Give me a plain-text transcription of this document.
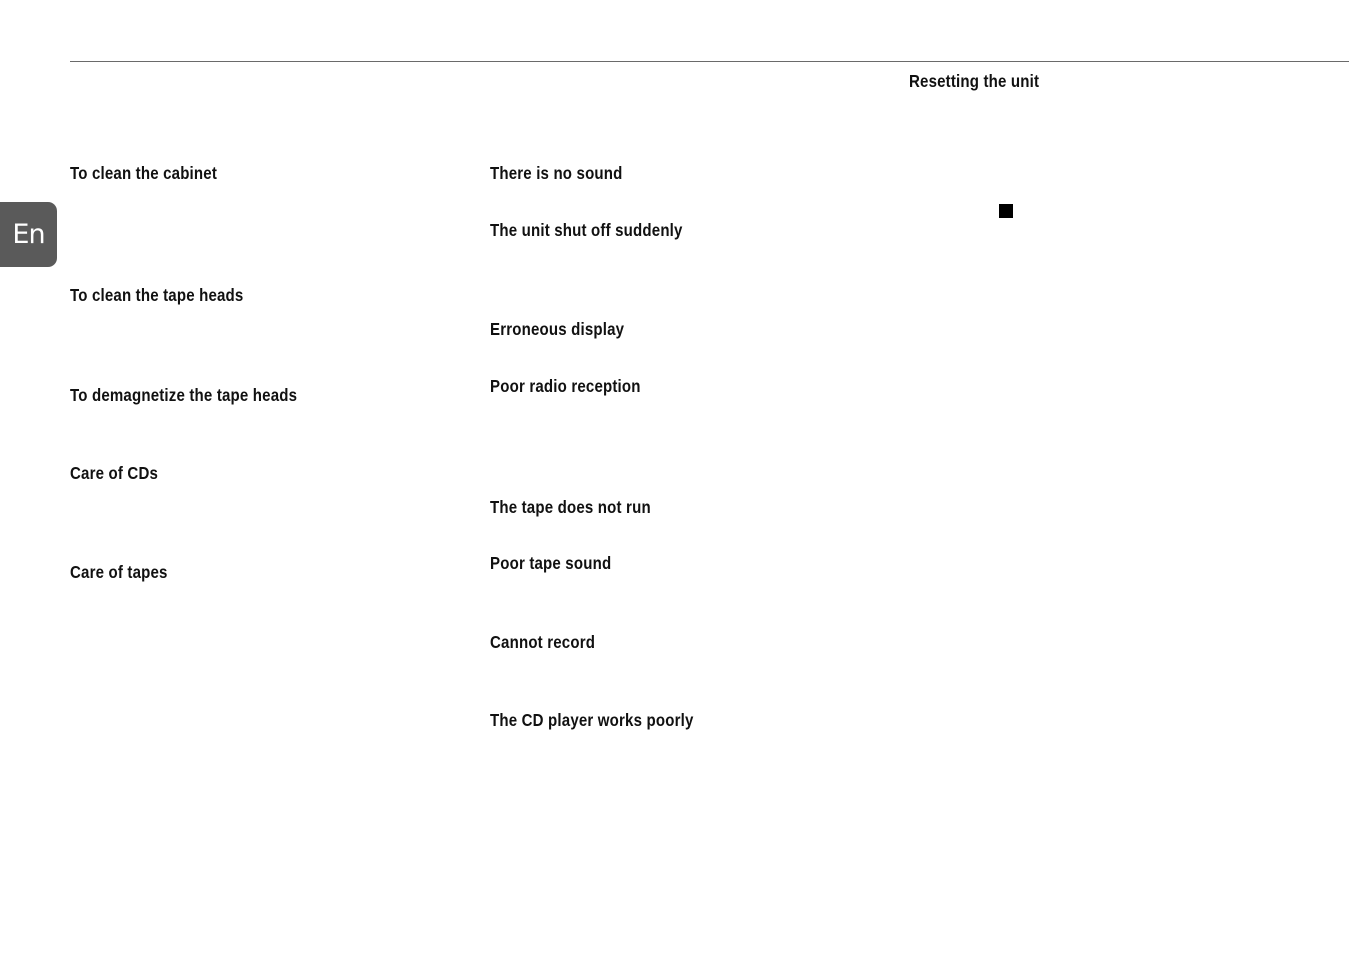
En
To clean the cabinet
To clean the tape heads
To demagnetize the tape heads
Care of CDs
Care of tapes
There is no sound
The unit shut off suddenly
Erroneous display
Poor radio reception
The tape does not run
Poor tape sound
Cannot record
The CD player works poorly
Resetting the unit
